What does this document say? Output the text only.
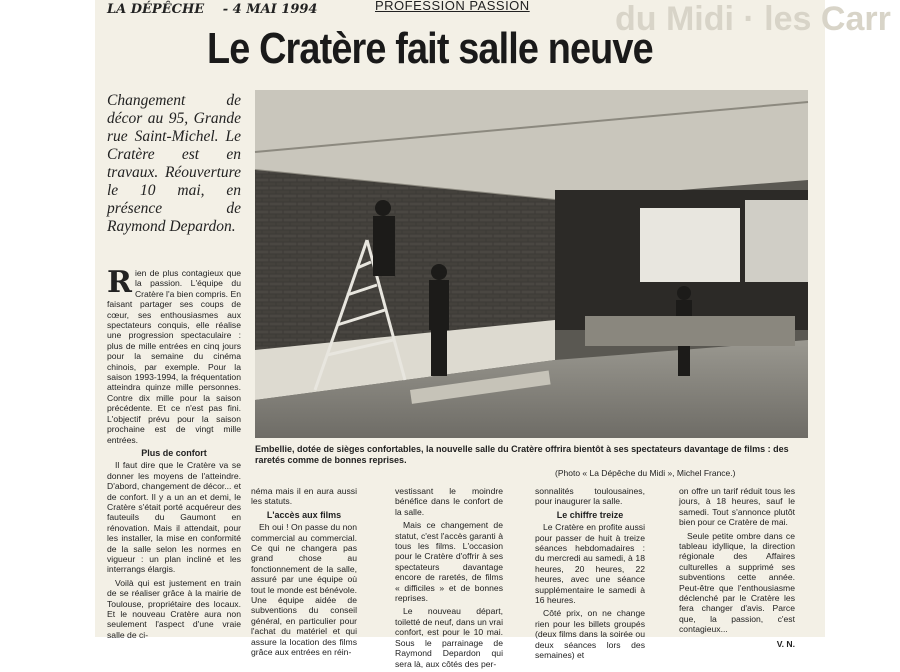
du Midi · les Carr
LA DÉPÊCHE - 4 MAI 1994	PROFESSION PASSION
Le Cratère fait salle neuve
Changement de décor au 95, Grande rue Saint-Michel. Le Cratère est en travaux. Réouverture le 10 mai, en présence de Raymond Depardon.
Embellie, dotée de sièges confortables, la nouvelle salle du Cratère offrira bientôt à ses spectateurs davantage de films : des raretés comme de bonnes reprises.
(Photo « La Dépêche du Midi », Michel France.)

Rien de plus contagieux que la passion. L'équipe du Cratère l'a bien compris. En faisant partager ses coups de cœur, ses enthousiasmes aux spectateurs conquis, elle réalise une progression spectaculaire : plus de mille entrées en cinq jours pour la semaine du cinéma chinois, par exemple. Pour la saison 1993-1994, la fréquentation atteindra quinze mille personnes. Contre dix mille pour la saison précédente. Et ce n'est pas fini. L'objectif prévu pour la saison prochaine est de vingt mille entrées.

Plus de confort

Il faut dire que le Cratère va se donner les moyens de l'atteindre. D'abord, changement de décor... et de confort. Il y a un an et demi, le Cratère s'était porté acquéreur des fauteuils du Gaumont en rénovation. Mais il attendait, pour les installer, la mise en conformité de la salle selon les normes en vigueur : un plan incliné et les interrangs élargis.

Voilà qui est justement en train de se réaliser grâce à la mairie de Toulouse, propriétaire des locaux. Et le nouveau Cratère aura non seulement l'aspect d'une vraie salle de ci-

néma mais il en aura aussi les statuts.

L'accès aux films

Eh oui ! On passe du non commercial au commercial. Ce qui ne changera pas grand chose au fonctionnement de la salle, assuré par une équipe où tout le monde est bénévole. Une équipe aidée de subventions du conseil général, en particulier pour l'achat du matériel et qui assure la location des films grâce aux entrées en réin-

vestissant le moindre bénéfice dans le confort de la salle.

Mais ce changement de statut, c'est l'accès garanti à tous les films. L'occasion pour le Cratère d'offrir à ses spectateurs davantage encore de raretés, de films « difficiles » et de bonnes reprises.

Le nouveau départ, toiletté de neuf, dans un vrai confort, est pour le 10 mai. Sous le parrainage de Raymond Depardon qui sera là, aux côtés des per-

sonnalités toulousaines, pour inaugurer la salle.

Le chiffre treize

Le Cratère en profite aussi pour passer de huit à treize séances hebdomadaires : du mercredi au samedi, à 18 heures, 20 heures, 22 heures, avec une séance supplémentaire le samedi à 16 heures.

Côté prix, on ne change rien pour les billets groupés (deux films dans la soirée ou deux séances lors des semaines) et

on offre un tarif réduit tous les jours, à 18 heures, sauf le samedi. Tout s'annonce plutôt bien pour ce Cratère de mai.

Seule petite ombre dans ce tableau idyllique, la direction régionale des Affaires culturelles a supprimé ses subventions cette année. Peut-être que l'enthousiasme déclenché par le Cratère les fera changer d'avis. Parce que, la passion, c'est contagieux...

V. N.
